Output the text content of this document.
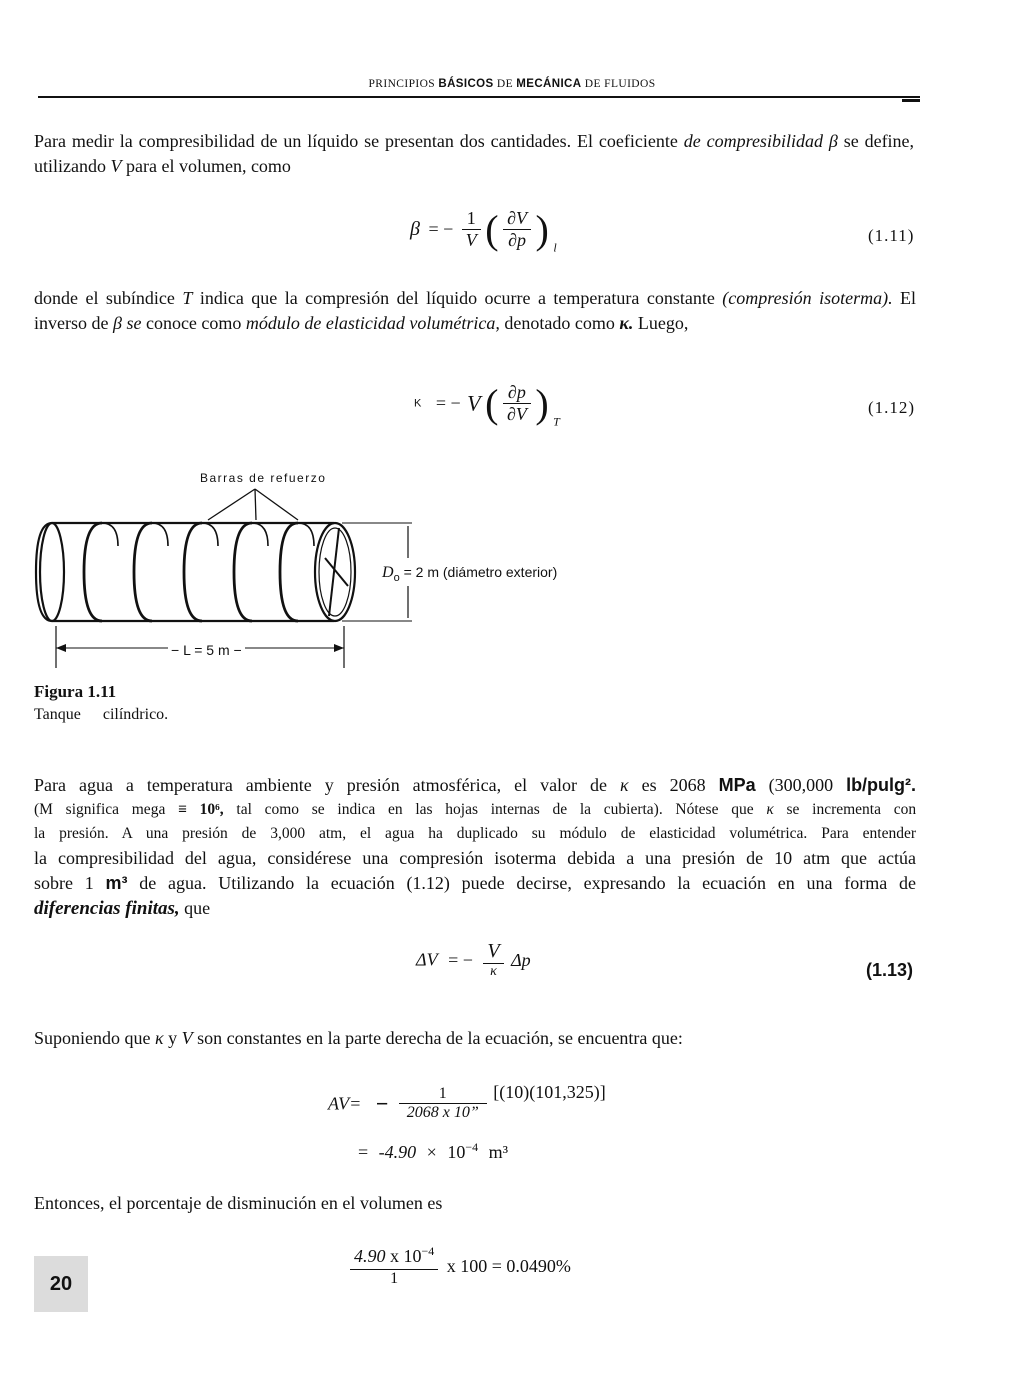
PRINCIPIOS BÁSICOS DE MECÁNICA DE FLUIDOS

Para medir la compresibilidad de un líquido se presentan dos cantidades. El coeficiente de compresibilidad β se define, utilizando V para el volumen, como

β = − $\frac{1}{V}$ ( $\frac{\partial V}{\partial p}$ ) $_l$
(1.11)

donde el subíndice T indica que la compresión del líquido ocurre a temperatura constante (compresión isoterma). El inverso de β se conoce como módulo de elasticidad volumétrica, denotado como κ. Luego,

K = − V ( $\frac{\partial p}{\partial V}$ ) $_T$
(1.12)
Barras de refuerzo
$D_o = 2$ m (diámetro exterior)
− L = 5 m −
Figura 1.11
Tanque cilíndrico.

Para agua a temperatura ambiente y presión atmosférica, el valor de κ es 2068 MPa (300,000 lb/pulg².

(M significa mega ≡ 10⁶, tal como se indica en las hojas internas de la cubierta). Nótese que κ se incrementa con

la presión. A una presión de 3,000 atm, el agua ha duplicado su módulo de elasticidad volumétrica. Para entender

la compresibilidad del agua, considérese una compresión isoterma debida a una presión de 10 atm que actúa

sobre 1 m³ de agua. Utilizando la ecuación (1.12) puede decirse, expresando la ecuación en una forma de

diferencias finitas, que

ΔV = − $\frac{V}{\kappa}$ Δp
(1.13)

Suponiendo que κ y V son constantes en la parte derecha de la ecuación, se encuentra que:

$AV= - \frac{1}{2068 x 10”} [(10)(101,325)]$
= $-4.90 \times 10^{-4}$ m³

Entonces, el porcentaje de disminución en el volumen es

$\frac{4.90 x 10^{-4}}{1}$ x 100 = 0.0490%
20
